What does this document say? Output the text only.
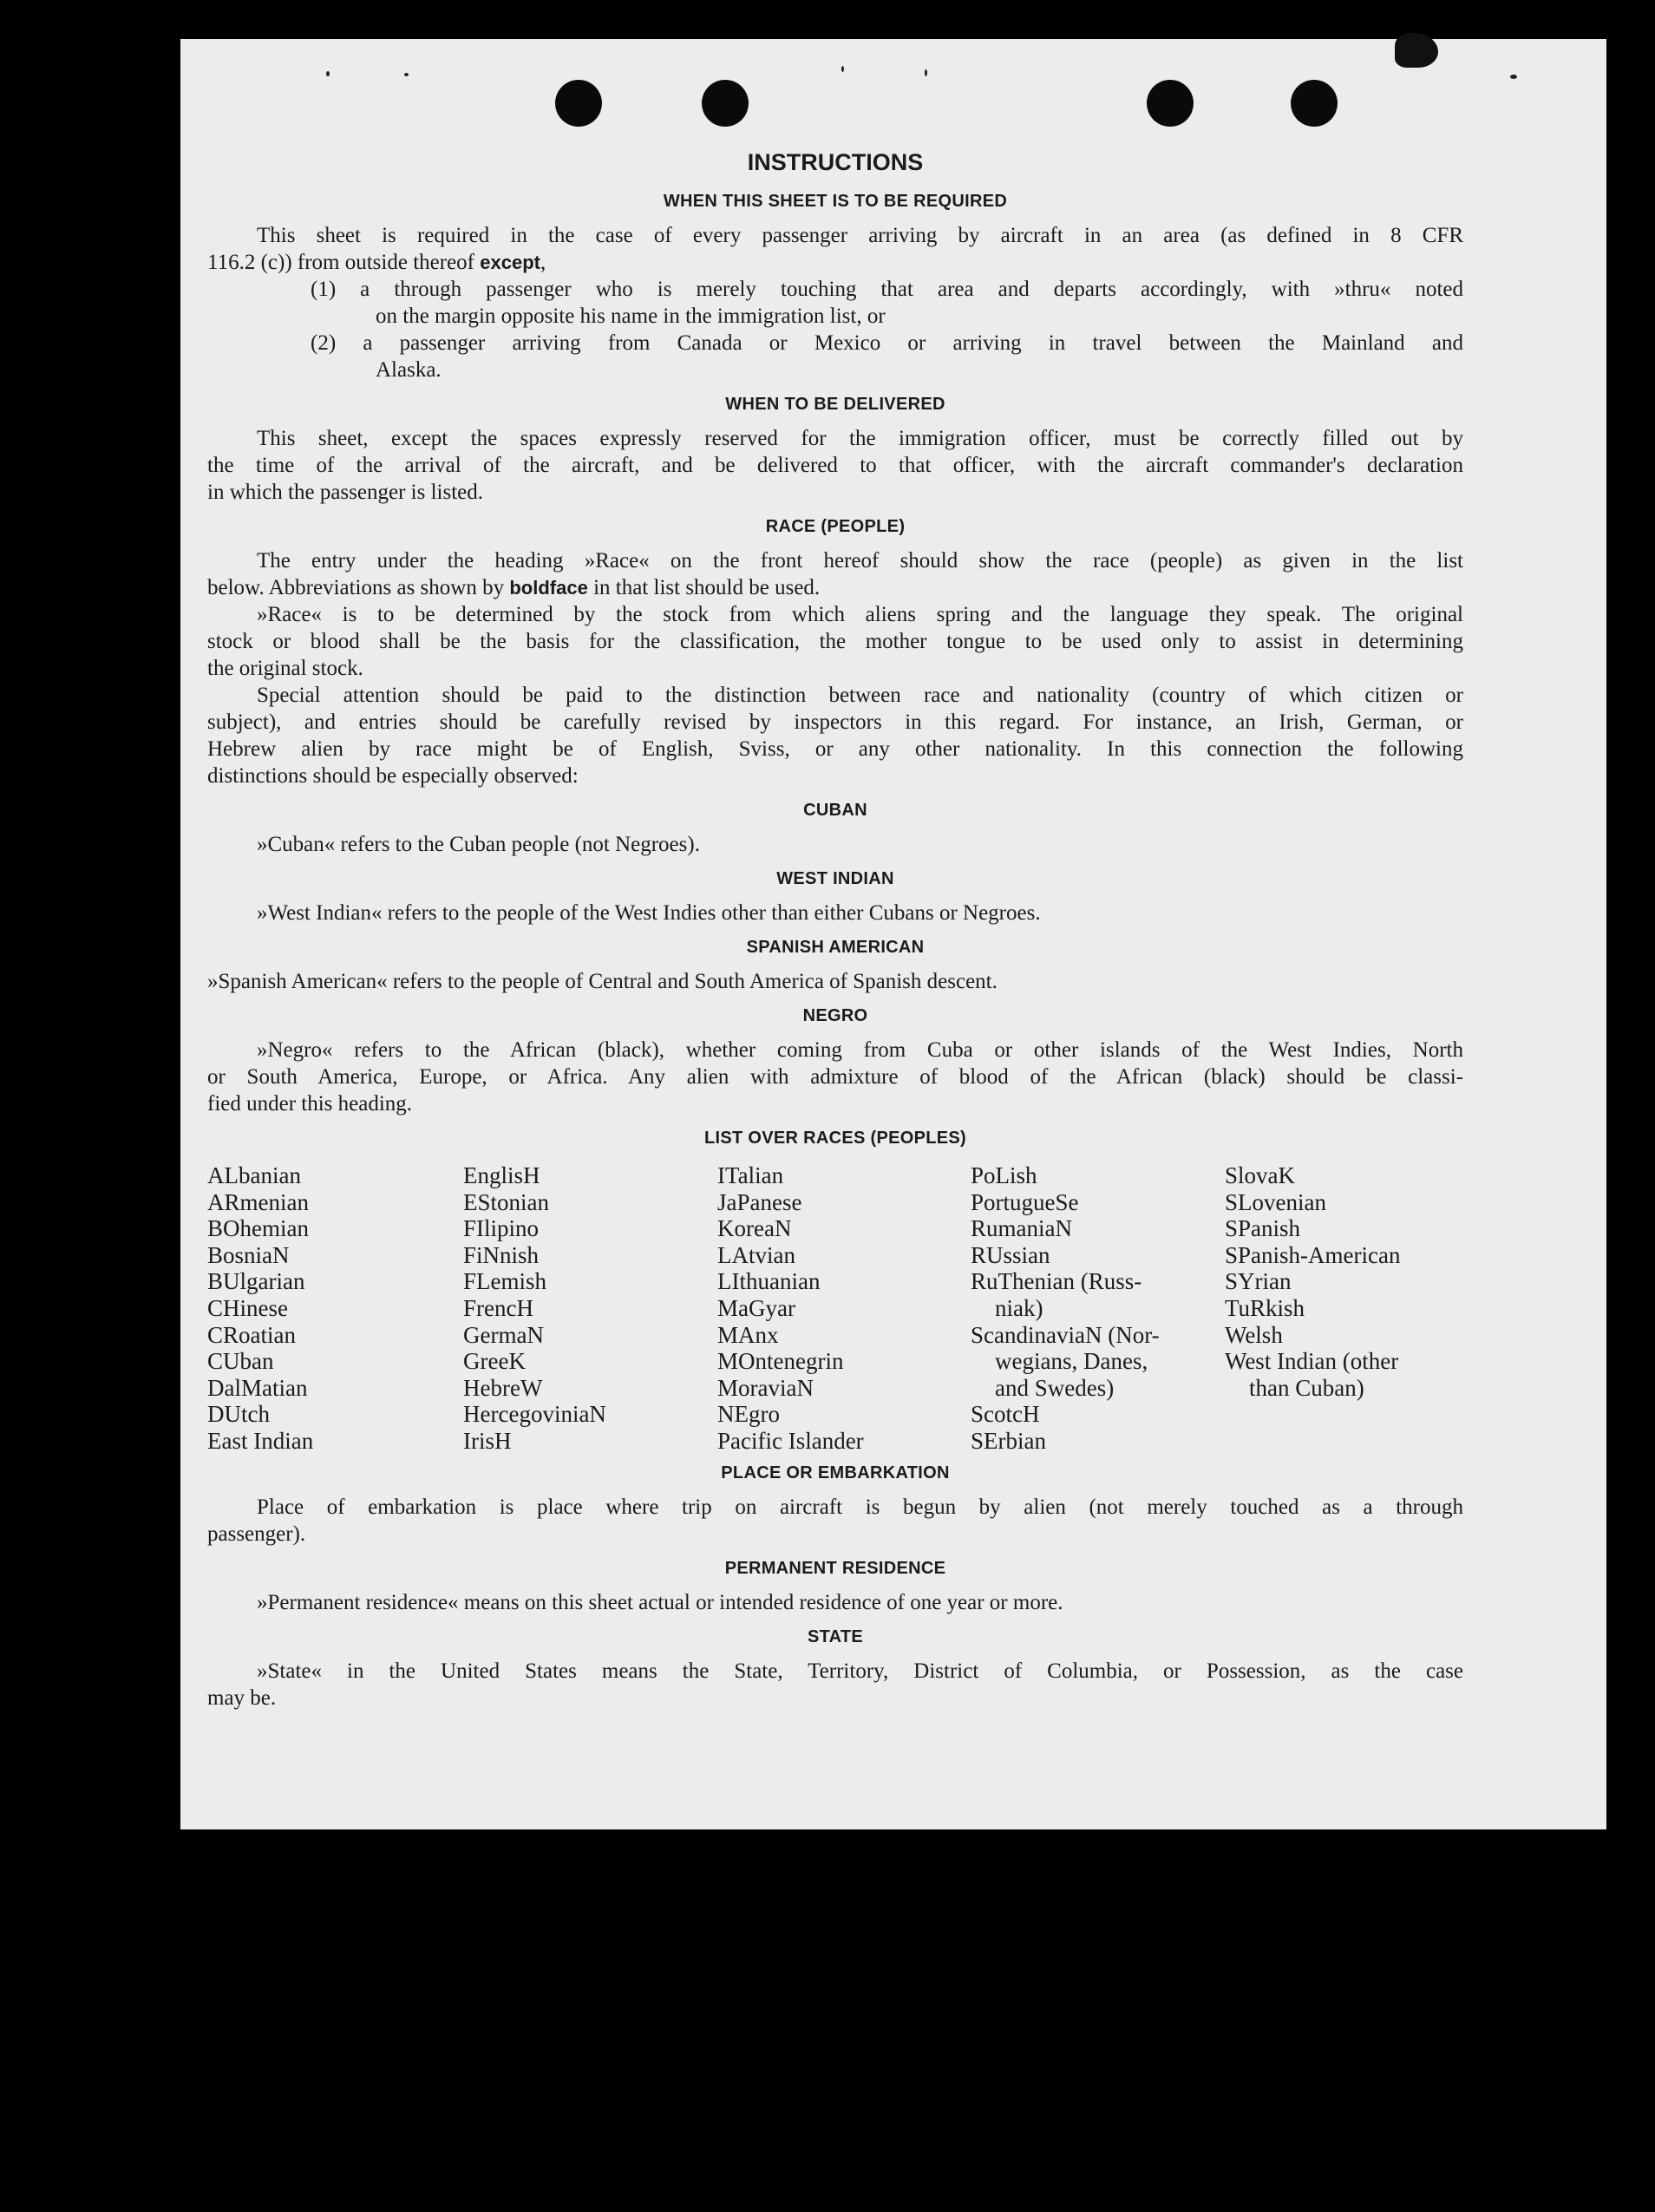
INSTRUCTIONS
WHEN THIS SHEET IS TO BE REQUIRED
This sheet is required in the case of every passenger arriving by aircraft in an area (as defined in 8 CFR
116.2 (c)) from outside thereof except,
(1) a through passenger who is merely touching that area and departs accordingly, with »thru« noted
on the margin opposite his name in the immigration list, or
(2) a passenger arriving from Canada or Mexico or arriving in travel between the Mainland and
Alaska.
WHEN TO BE DELIVERED
This sheet, except the spaces expressly reserved for the immigration officer, must be correctly filled out by
the time of the arrival of the aircraft, and be delivered to that officer, with the aircraft commander's declaration
in which the passenger is listed.
RACE (PEOPLE)
The entry under the heading »Race« on the front hereof should show the race (people) as given in the list
below. Abbreviations as shown by boldface in that list should be used.
»Race« is to be determined by the stock from which aliens spring and the language they speak. The original
stock or blood shall be the basis for the classification, the mother tongue to be used only to assist in determining
the original stock.
Special attention should be paid to the distinction between race and nationality (country of which citizen or
subject), and entries should be carefully revised by inspectors in this regard. For instance, an Irish, German, or
Hebrew alien by race might be of English, Sviss, or any other nationality. In this connection the following
distinctions should be especially observed:
CUBAN
»Cuban« refers to the Cuban people (not Negroes).
WEST INDIAN
»West Indian« refers to the people of the West Indies other than either Cubans or Negroes.
SPANISH AMERICAN
»Spanish American« refers to the people of Central and South America of Spanish descent.
NEGRO
»Negro« refers to the African (black), whether coming from Cuba or other islands of the West Indies, North
or South America, Europe, or Africa. Any alien with admixture of blood of the African (black) should be classi-
fied under this heading.
LIST OVER RACES (PEOPLES)
ALbanian
ARmenian
BOhemian
BosniaN
BUlgarian
CHinese
CRoatian
CUban
DalMatian
DUtch
East Indian
EnglisH
EStonian
FIlipino
FiNnish
FLemish
FrencH
GermaN
GreeK
HebreW
HercegoviniaN
IrisH
ITalian
JaPanese
KoreaN
LAtvian
LIthuanian
MaGyar
MAnx
MOntenegrin
MoraviaN
NEgro
Pacific Islander
PoLish
PortugueSe
RumaniaN
RUssian
RuThenian (Russ-
niak)
ScandinaviaN (Nor-
wegians, Danes,
and Swedes)
ScotcH
SErbian
SlovaK
SLovenian
SPanish
SPanish-American
SYrian
TuRkish
Welsh
West Indian (other
than Cuban)
PLACE OR EMBARKATION
Place of embarkation is place where trip on aircraft is begun by alien (not merely touched as a through
passenger).
PERMANENT RESIDENCE
»Permanent residence« means on this sheet actual or intended residence of one year or more.
STATE
»State« in the United States means the State, Territory, District of Columbia, or Possession, as the case
may be.
